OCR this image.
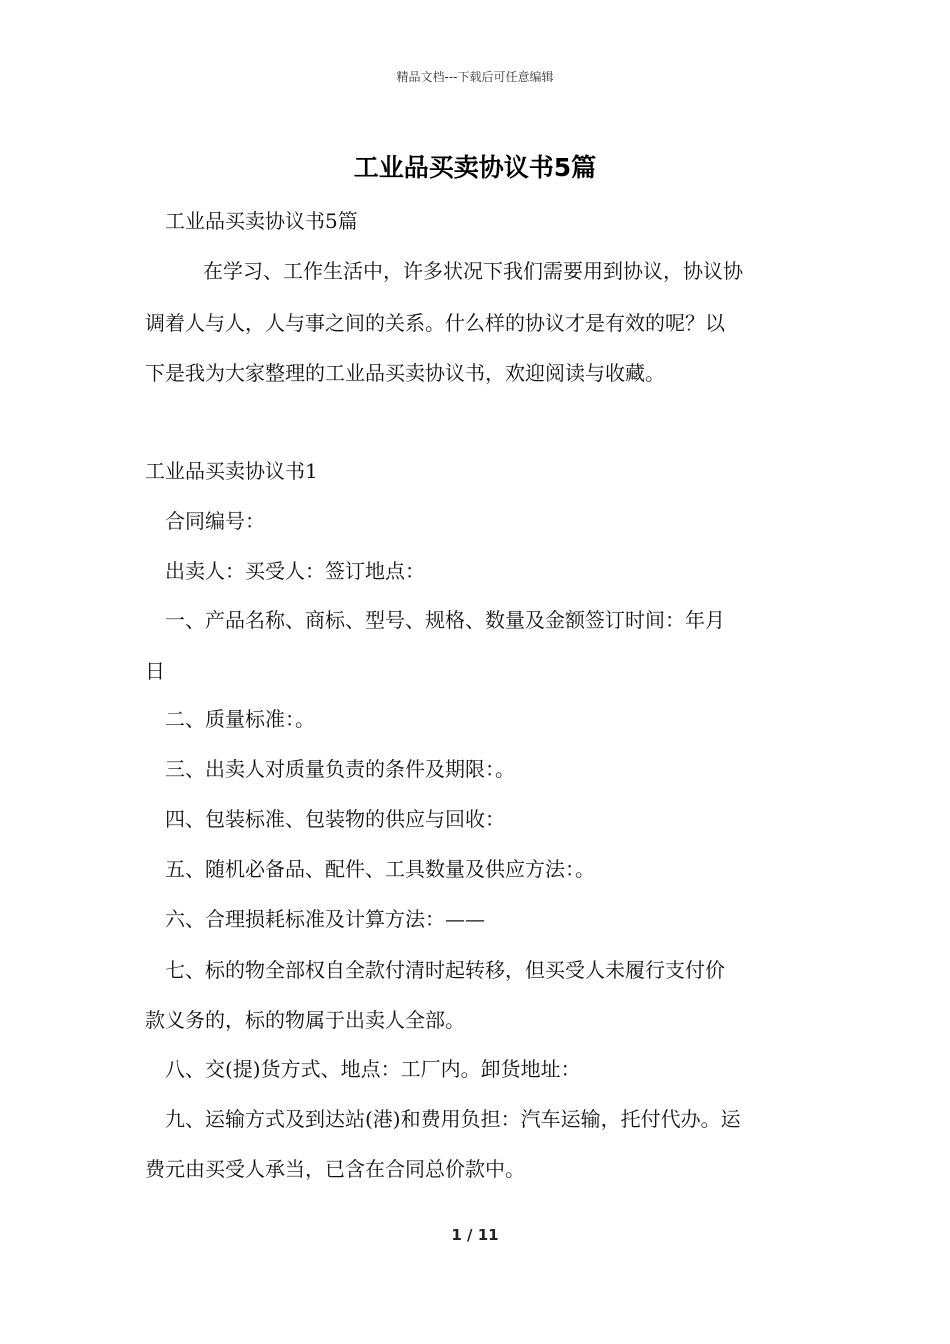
精品文档---下载后可任意编辑
工业品买卖协议书5篇
工业品买卖协议书5篇
在学习、工作生活中，许多状况下我们需要用到协议，协议协
调着人与人，人与事之间的关系。什么样的协议才是有效的呢？以
下是我为大家整理的工业品买卖协议书，欢迎阅读与收藏。
工业品买卖协议书1
合同编号：
出卖人：买受人：签订地点：
一、产品名称、商标、型号、规格、数量及金额签订时间：年月
日
二、质量标准：。
三、出卖人对质量负责的条件及期限：。
四、包装标准、包装物的供应与回收：
五、随机必备品、配件、工具数量及供应方法：。
六、合理损耗标准及计算方法：——
七、标的物全部权自全款付清时起转移，但买受人未履行支付价
款义务的，标的物属于出卖人全部。
八、交(提)货方式、地点：工厂内。卸货地址：
九、运输方式及到达站(港)和费用负担：汽车运输，托付代办。运
费元由买受人承当，已含在合同总价款中。
1 / 11
